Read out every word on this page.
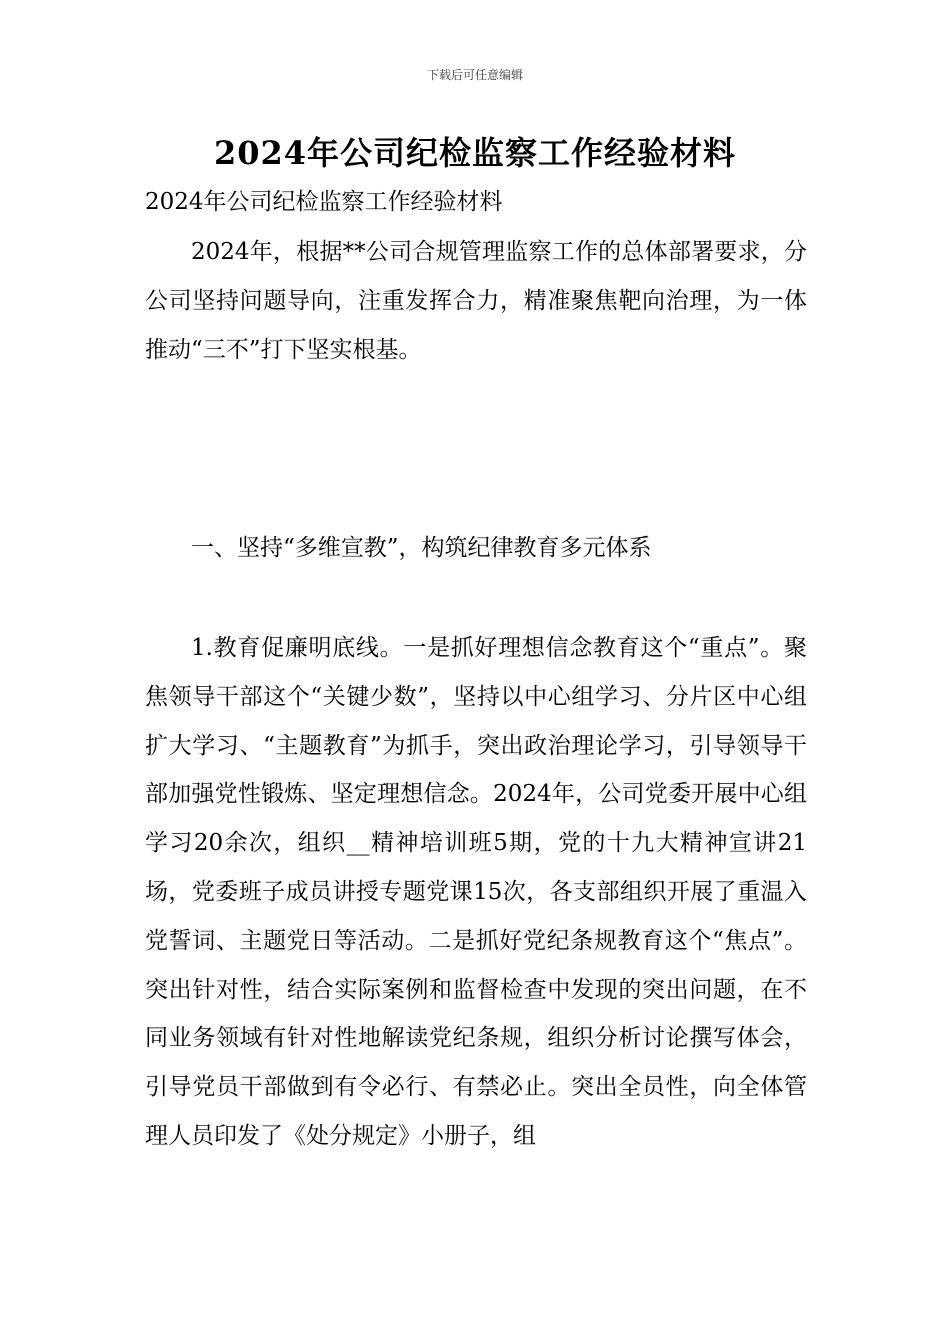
下载后可任意编辑
2024年公司纪检监察工作经验材料

2024年公司纪检监察工作经验材料

2024年，根据**公司合规管理监察工作的总体部署要求，分公司坚持问题导向，注重发挥合力，精准聚焦靶向治理，为一体推动“三不”打下坚实根基。

一、坚持“多维宣教”，构筑纪律教育多元体系

1.教育促廉明底线。一是抓好理想信念教育这个“重点”。聚焦领导干部这个“关键少数”，坚持以中心组学习、分片区中心组扩大学习、“主题教育”为抓手，突出政治理论学习，引导领导干部加强党性锻炼、坚定理想信念。2024年，公司党委开展中心组学习20余次，组织__精神培训班5期，党的十九大精神宣讲21场，党委班子成员讲授专题党课15次，各支部组织开展了重温入党誓词、主题党日等活动。二是抓好党纪条规教育这个“焦点”。突出针对性，结合实际案例和监督检查中发现的突出问题，在不同业务领域有针对性地解读党纪条规，组织分析讨论撰写体会，引导党员干部做到有令必行、有禁必止。突出全员性，向全体管理人员印发了《处分规定》小册子，组
